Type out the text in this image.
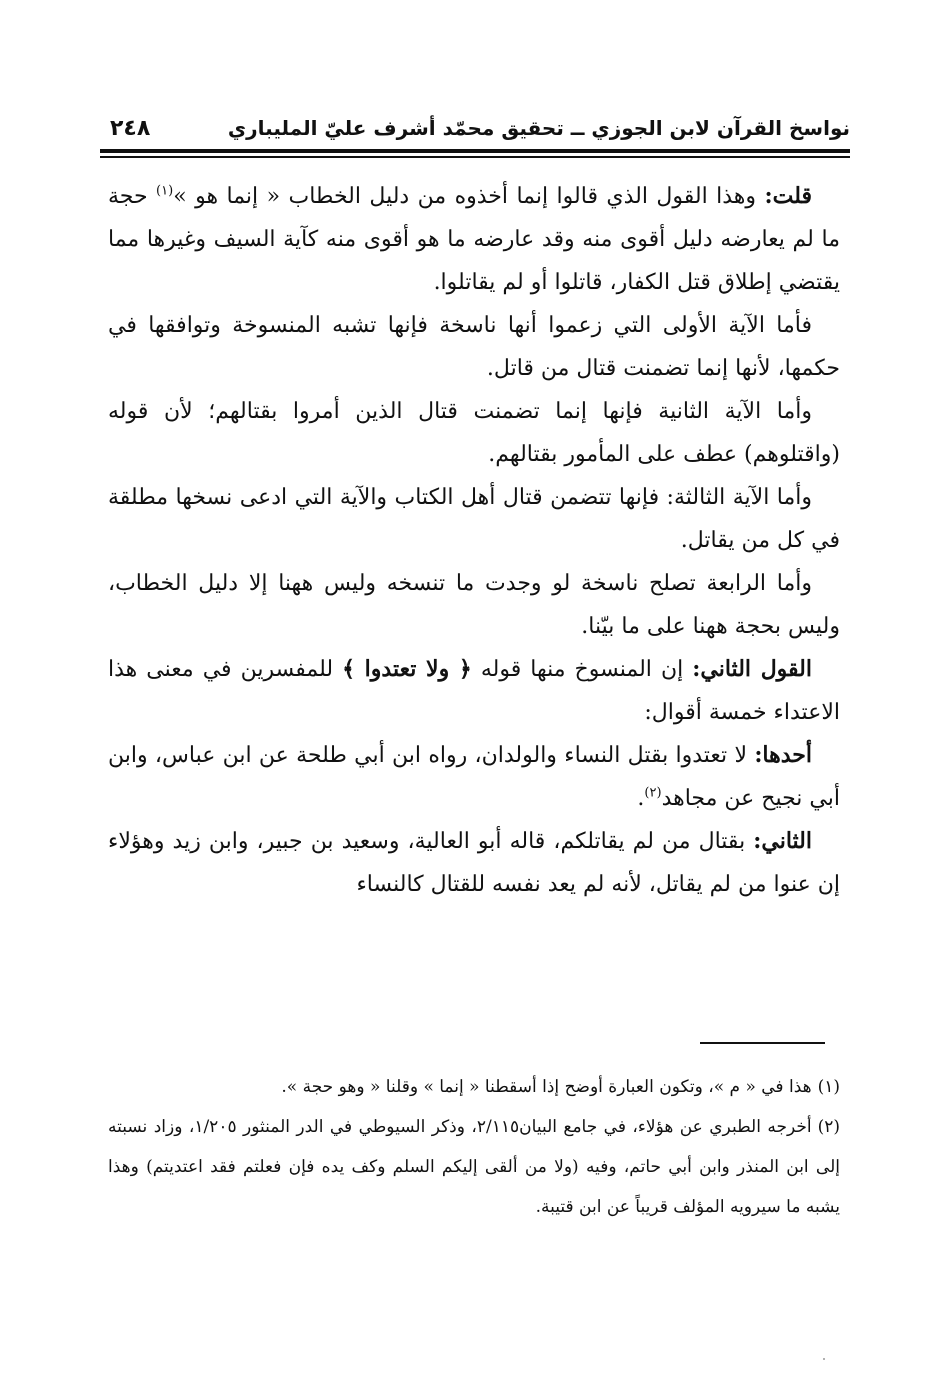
نواسخ القرآن لابن الجوزي ــ تحقيق محمّد أشرف عليّ المليباري
٢٤٨

قلت: وهذا القول الذي قالوا إنما أخذوه من دليل الخطاب « إنما هو »$^{(١)}$ حجة ما لم يعارضه دليل أقوى منه وقد عارضه ما هو أقوى منه كآية السيف وغيرها مما يقتضي إطلاق قتل الكفار، قاتلوا أو لم يقاتلوا.

فأما الآية الأولى التي زعموا أنها ناسخة فإنها تشبه المنسوخة وتوافقها في حكمها، لأنها إنما تضمنت قتال من قاتل.

وأما الآية الثانية فإنها إنما تضمنت قتال الذين أمروا بقتالهم؛ لأن قوله (واقتلوهم) عطف على المأمور بقتالهم.

وأما الآية الثالثة: فإنها تتضمن قتال أهل الكتاب والآية التي ادعى نسخها مطلقة في كل من يقاتل.

وأما الرابعة تصلح ناسخة لو وجدت ما تنسخه وليس ههنا إلا دليل الخطاب، وليس بحجة ههنا على ما بيّنا.

القول الثاني: إن المنسوخ منها قوله ﴿ ولا تعتدوا ﴾ للمفسرين في معنى هذا الاعتداء خمسة أقوال:

أحدها: لا تعتدوا بقتل النساء والولدان، رواه ابن أبي طلحة عن ابن عباس، وابن أبي نجيح عن مجاهد$^{(٢)}$.

الثاني: بقتال من لم يقاتلكم، قاله أبو العالية، وسعيد بن جبير، وابن زيد وهؤلاء إن عنوا من لم يقاتل، لأنه لم يعد نفسه للقتال كالنساء

(١)هذا في « م »، وتكون العبارة أوضح إذا أسقطنا « إنما » وقلنا « وهو حجة ».

(٢)أخرجه الطبري عن هؤلاء، في جامع البيان٢/١١٥، وذكر السيوطي في الدر المنثور ١/٢٠٥، وزاد نسبته إلى ابن المنذر وابن أبي حاتم، وفيه (ولا من ألقى إليكم السلم وكف يده فإن فعلتم فقد اعتديتم) وهذا يشبه ما سيرويه المؤلف قريباً عن ابن قتيبة.
